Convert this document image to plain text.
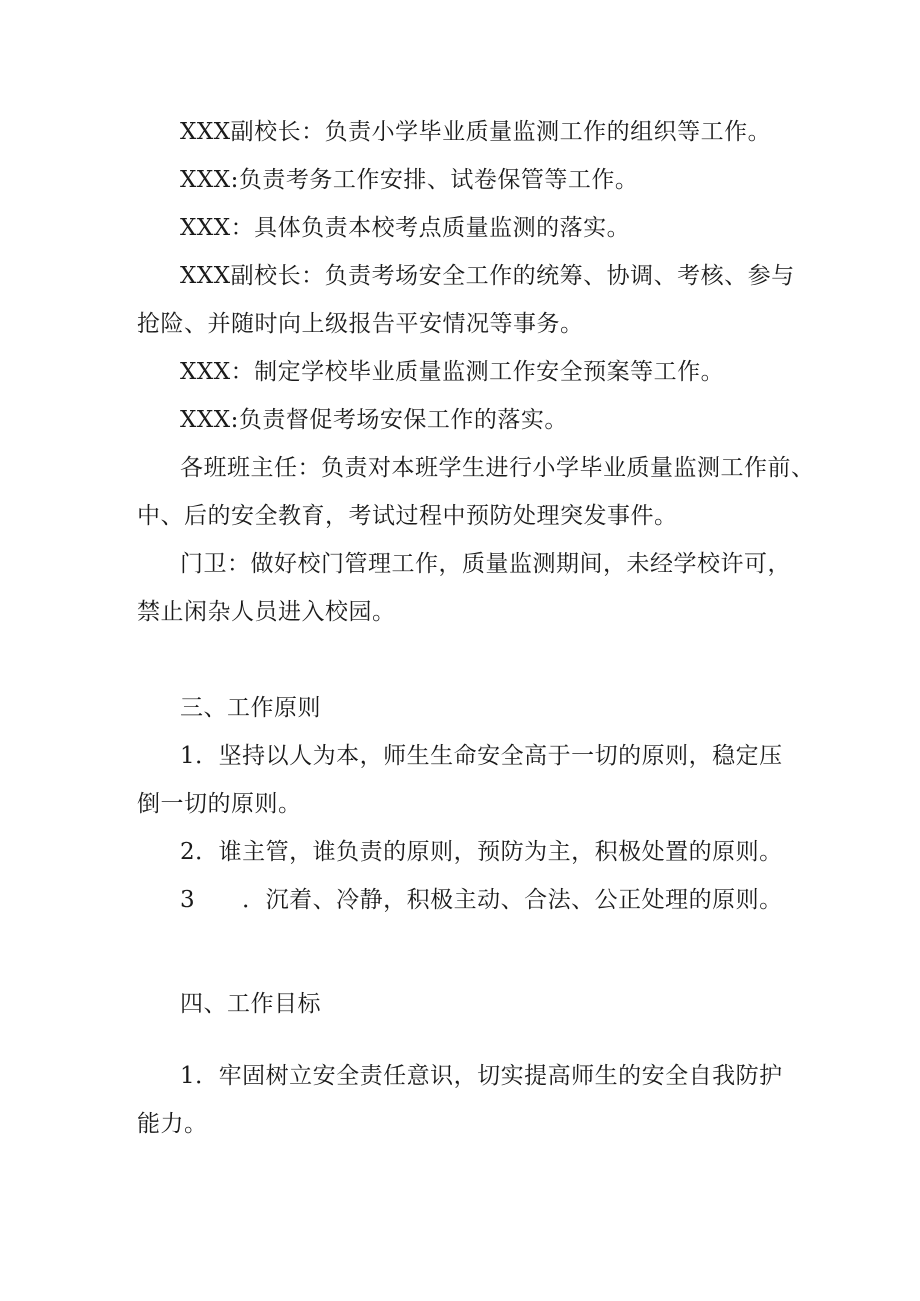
XXX副校长：负责小学毕业质量监测工作的组织等工作。
XXX:负责考务工作安排、试卷保管等工作。
XXX：具体负责本校考点质量监测的落实。
XXX副校长：负责考场安全工作的统筹、协调、考核、参与
抢险、并随时向上级报告平安情况等事务。
XXX：制定学校毕业质量监测工作安全预案等工作。
XXX:负责督促考场安保工作的落实。
各班班主任：负责对本班学生进行小学毕业质量监测工作前、
中、后的安全教育，考试过程中预防处理突发事件。
门卫：做好校门管理工作，质量监测期间，未经学校许可，
禁止闲杂人员进入校园。
三、工作原则
1．坚持以人为本，师生生命安全高于一切的原则，稳定压
倒一切的原则。
2．谁主管，谁负责的原则，预防为主，积极处置的原则。
3　　．沉着、冷静，积极主动、合法、公正处理的原则。
四、工作目标
1．牢固树立安全责任意识，切实提高师生的安全自我防护
能力。
